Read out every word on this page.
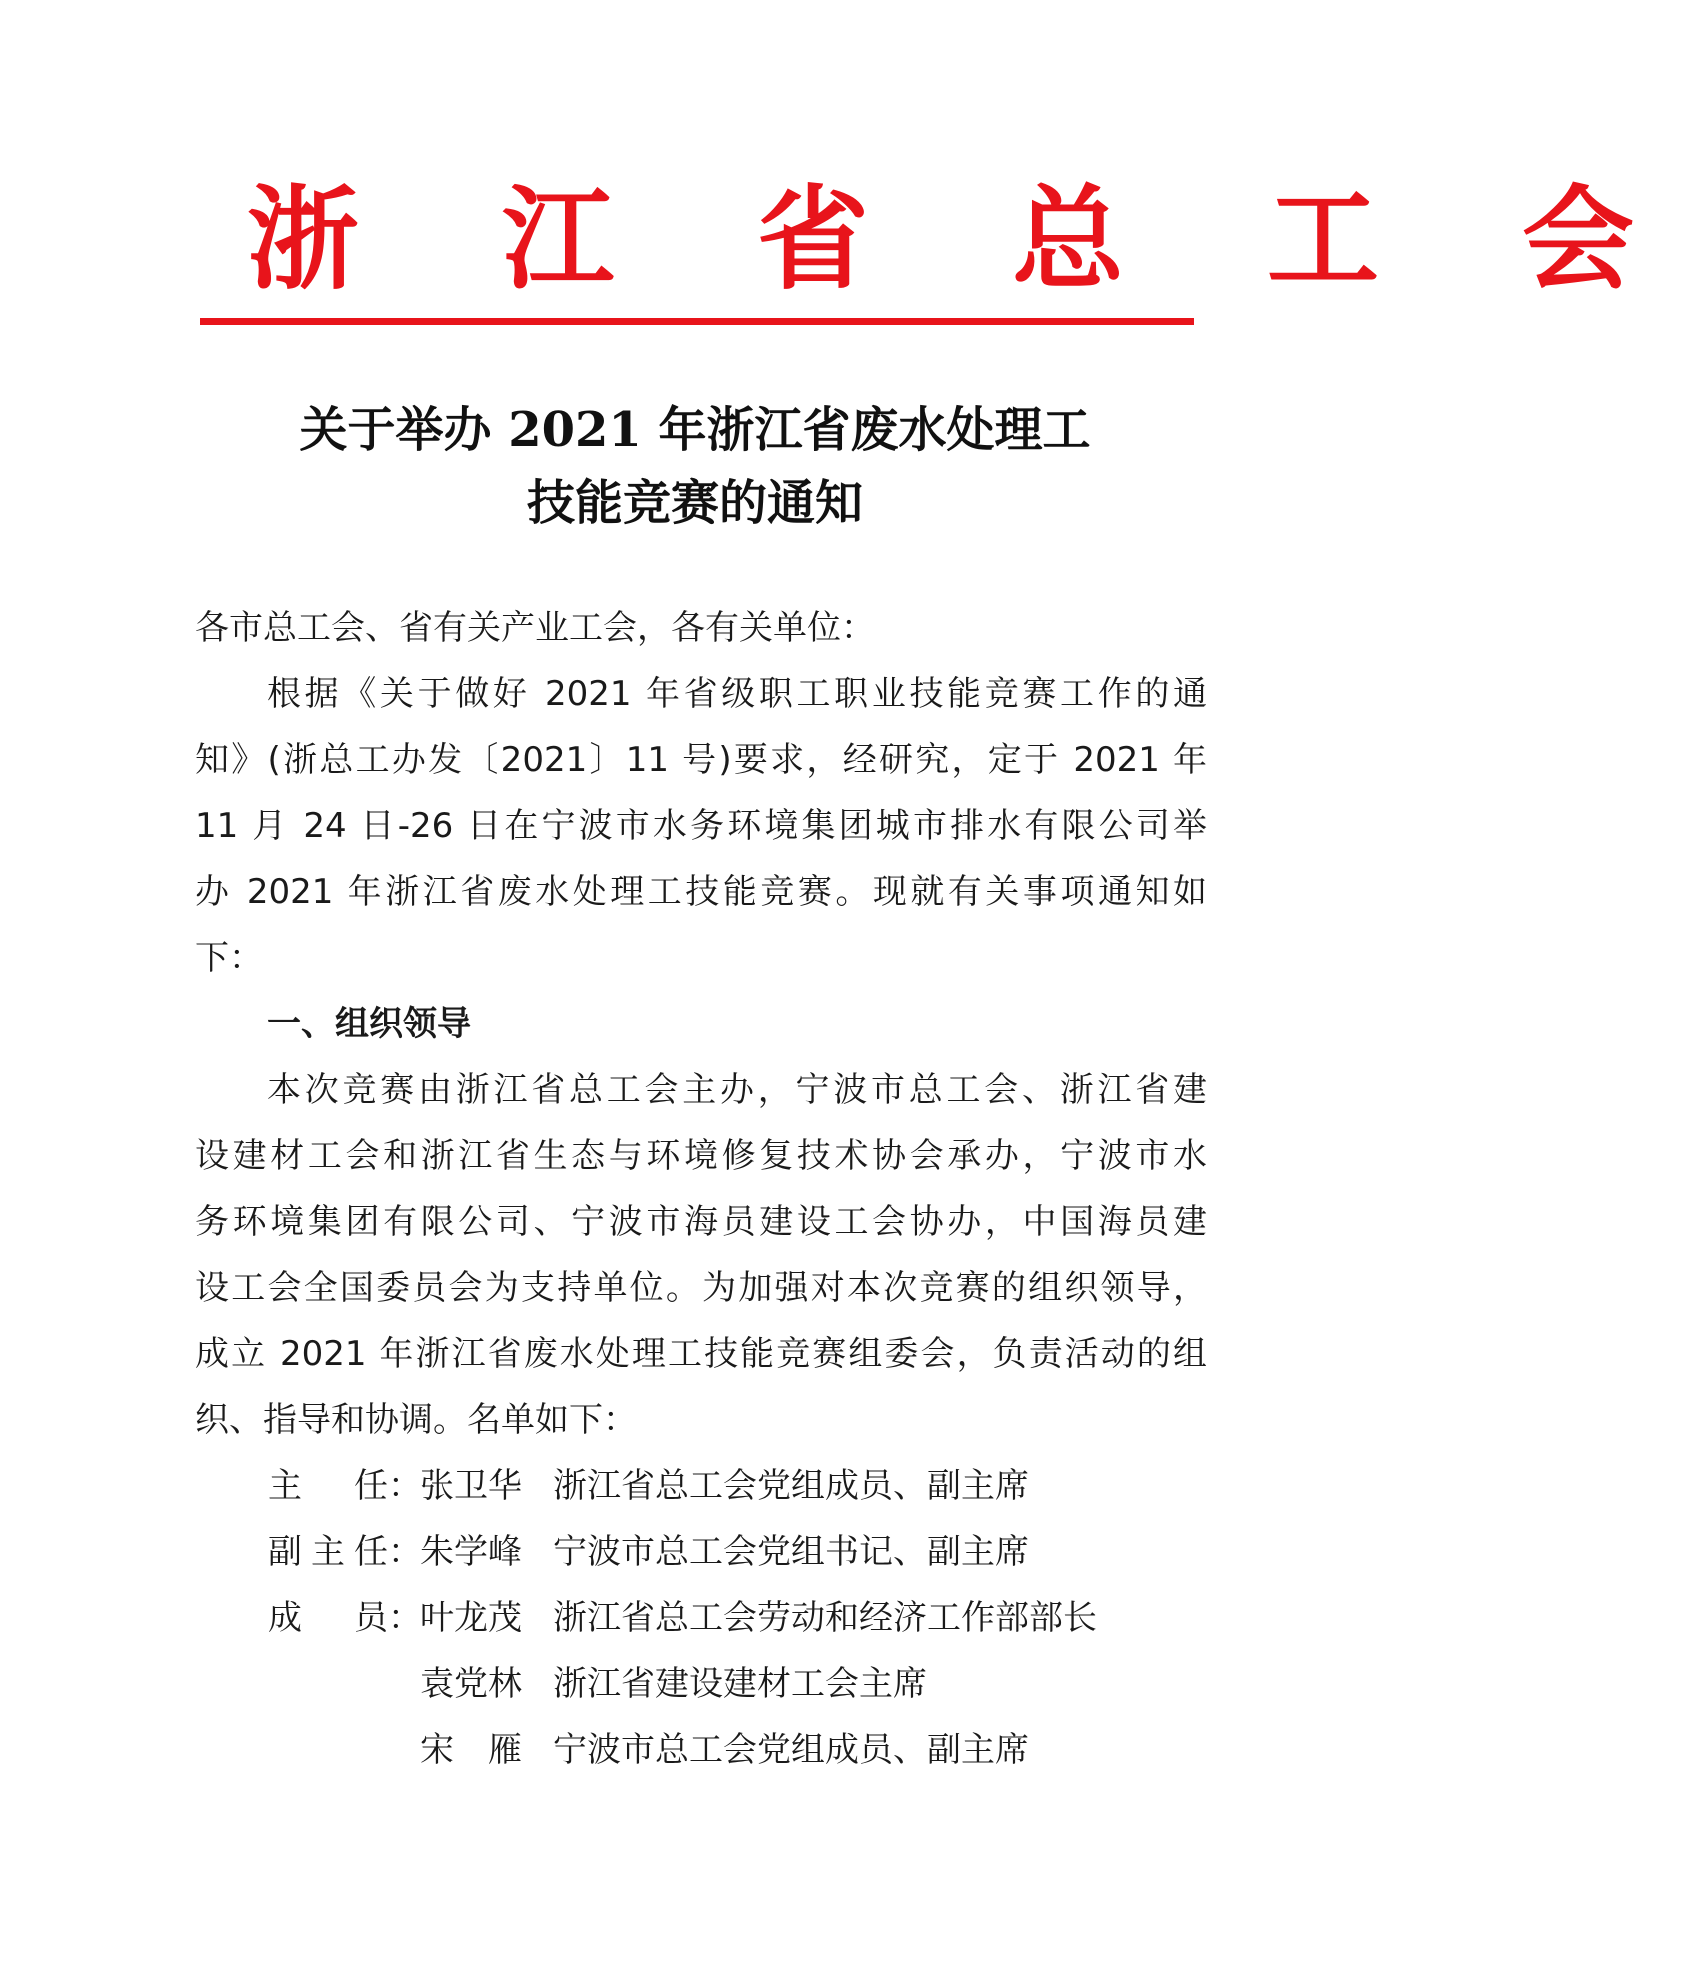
浙 江 省 总 工 会
关于举办 2021 年浙江省废水处理工
技能竞赛的通知
各市总工会、省有关产业工会，各有关单位：
根据《关于做好 2021 年省级职工职业技能竞赛工作的通
知》(浙总工办发〔2021〕11 号)要求，经研究，定于 2021 年
11 月 24 日-26 日在宁波市水务环境集团城市排水有限公司举
办 2021 年浙江省废水处理工技能竞赛。现就有关事项通知如
下：
一、组织领导
本次竞赛由浙江省总工会主办，宁波市总工会、浙江省建
设建材工会和浙江省生态与环境修复技术协会承办，宁波市水
务环境集团有限公司、宁波市海员建设工会协办，中国海员建
设工会全国委员会为支持单位。为加强对本次竞赛的组织领导，
成立 2021 年浙江省废水处理工技能竞赛组委会，负责活动的组
织、指导和协调。名单如下：
主任 ：
张卫华 浙江省总工会党组成员、副主席
副主任 ：
朱学峰 宁波市总工会党组书记、副主席
成员 ：
叶龙茂 浙江省总工会劳动和经济工作部部长
袁党林 浙江省建设建材工会主席
宋雁 宁波市总工会党组成员、副主席
